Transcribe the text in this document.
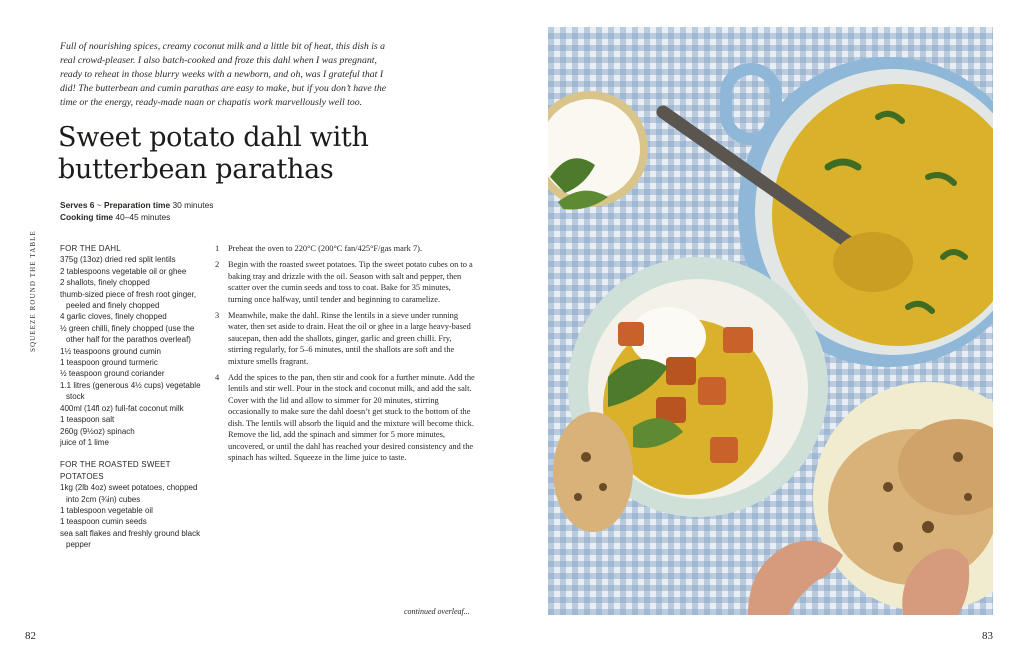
Full of nourishing spices, creamy coconut milk and a little bit of heat, this dish is a real crowd-pleaser. I also batch-cooked and froze this dahl when I was pregnant, ready to reheat in those blurry weeks with a newborn, and oh, was I grateful that I did! The butterbean and cumin parathas are easy to make, but if you don’t have the time or the energy, ready-made naan or chapatis work marvellously well too.

Sweet potato dahl with
butterbean parathas
Serves 6 ~ Preparation time 30 minutes
Cooking time 40–45 minutes
SQUEEZE ROUND THE TABLE	FOR THE DAHL
375g (13oz) dried red split lentils
2 tablespoons vegetable oil or ghee
2 shallots, finely chopped
thumb-sized piece of fresh root ginger, peeled and finely chopped
4 garlic cloves, finely chopped
½ green chilli, finely chopped (use the other half for the parathos overleaf)
1½ teaspoons ground cumin
1 teaspoon ground turmeric
½ teaspoon ground coriander
1.1 litres (generous 4½ cups) vegetable stock
400ml (14fl oz) full-fat coconut milk
1 teaspoon salt
260g (9½oz) spinach
juice of 1 lime
FOR THE ROASTED SWEET POTATOES
1kg (2lb 4oz) sweet potatoes, chopped into 2cm (¾in) cubes
1 tablespoon vegetable oil
1 teaspoon cumin seeds
sea salt flakes and freshly ground black pepper
1	Preheat the oven to 220°C (200°C fan/425°F/gas mark 7).
2	Begin with the roasted sweet potatoes. Tip the sweet potato cubes on to a baking tray and drizzle with the oil. Season with salt and pepper, then scatter over the cumin seeds and toss to coat. Bake for 35 minutes, turning once halfway, until tender and beginning to caramelize.
3	Meanwhile, make the dahl. Rinse the lentils in a sieve under running water, then set aside to drain. Heat the oil or ghee in a large heavy-based saucepan, then add the shallots, ginger, garlic and green chilli. Fry, stirring regularly, for 5–6 minutes, until the shallots are soft and the mixture smells fragrant.
4	Add the spices to the pan, then stir and cook for a further minute. Add the lentils and stir well. Pour in the stock and coconut milk, and add the salt. Cover with the lid and allow to simmer for 20 minutes, stirring occasionally to make sure the dahl doesn’t get stuck to the bottom of the dish. The lentils will absorb the liquid and the mixture will become thick. Remove the lid, add the spinach and simmer for 5 more minutes, uncovered, or until the dahl has reached your desired consistency and the spinach has wilted. Squeeze in the lime juice to taste.
continued overleaf...
82	83
